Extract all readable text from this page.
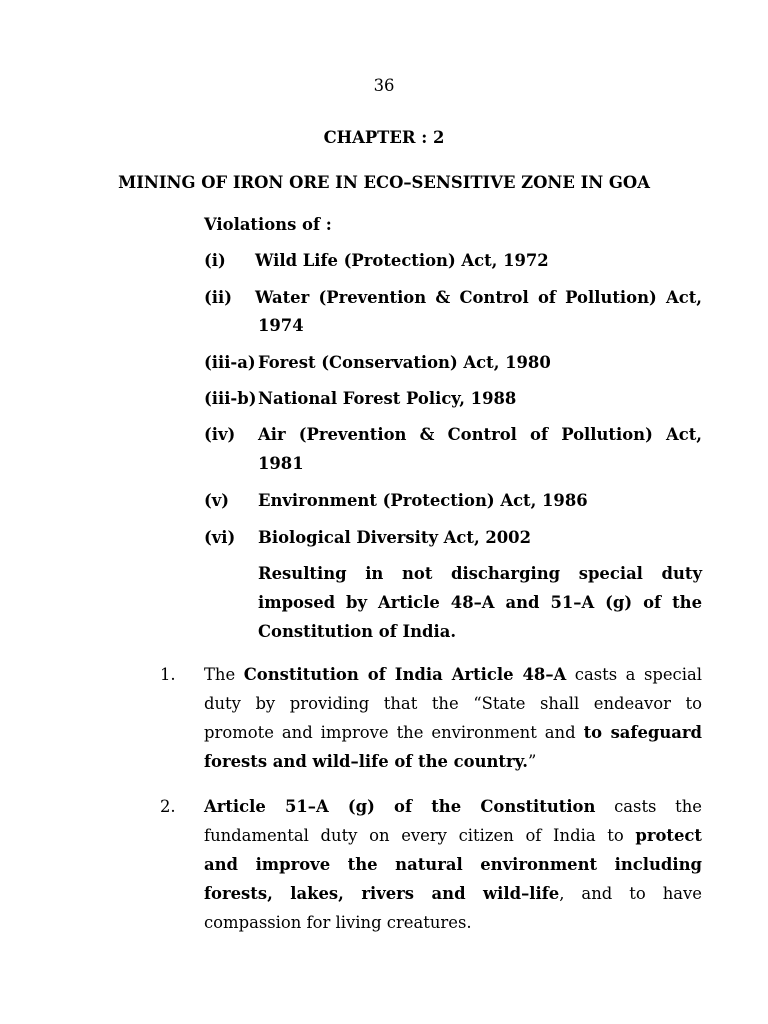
36
CHAPTER : 2
MINING OF IRON ORE IN ECO–SENSITIVE ZONE IN GOA
Violations of :
(i) Wild Life (Protection) Act, 1972
(ii) Water (Prevention & Control of Pollution) Act,
1974
(iii-a) Forest (Conservation) Act, 1980
(iii-b) National Forest Policy, 1988
(iv) Air (Prevention & Control of Pollution) Act,
1981
(v) Environment (Protection) Act, 1986
(vi) Biological Diversity Act, 2002
Resulting in not discharging special duty
imposed by Article 48–A and 51–A (g) of the
Constitution of India.
1. The Constitution of India Article 48–A casts a special
duty by providing that the “State shall endeavor to
promote and improve the environment and to safeguard
forests and wild–life of the country.”
2. Article 51–A (g) of the Constitution casts the
fundamental duty on every citizen of India to protect
and improve the natural environment including
forests, lakes, rivers and wild–life, and to have
compassion for living creatures.
